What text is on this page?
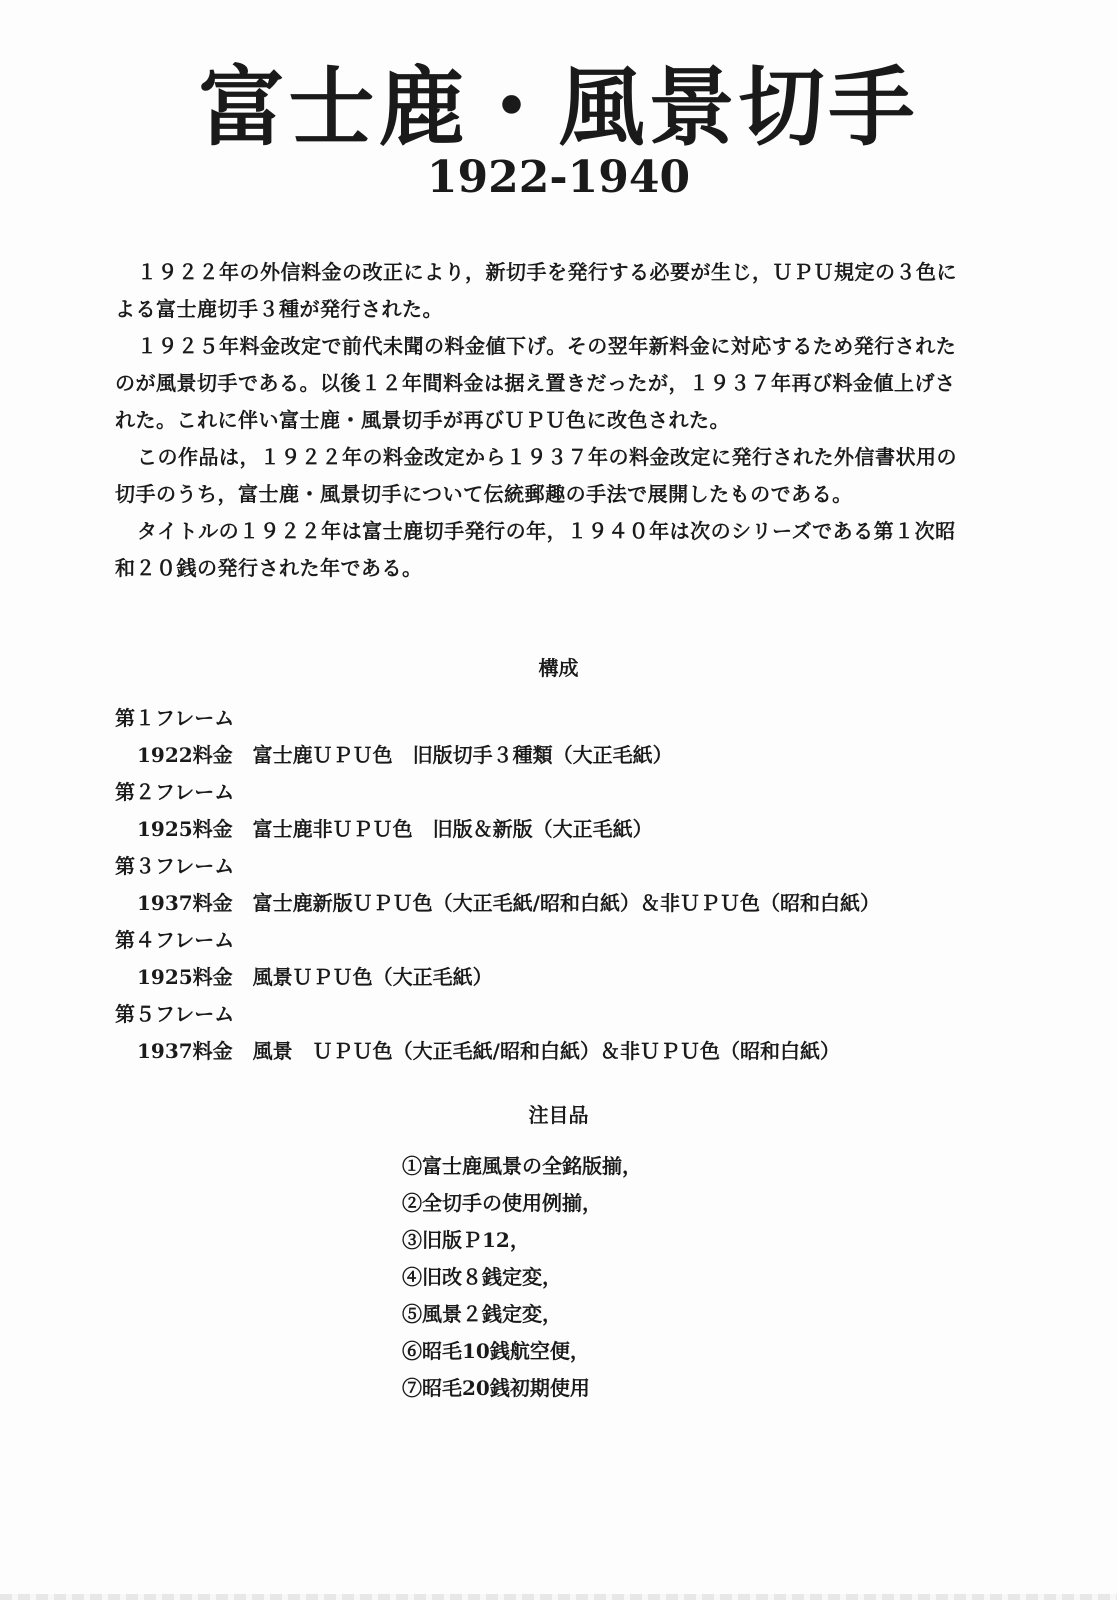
富士鹿・風景切手
1922-1940

１９２２年の外信料金の改正により，新切手を発行する必要が生じ，ＵＰＵ規定の３色による富士鹿切手３種が発行された。

１９２５年料金改定で前代未聞の料金値下げ。その翌年新料金に対応するため発行されたのが風景切手である。以後１２年間料金は据え置きだったが，１９３７年再び料金値上げされた。これに伴い富士鹿・風景切手が再びＵＰＵ色に改色された。

この作品は，１９２２年の料金改定から１９３７年の料金改定に発行された外信書状用の切手のうち，富士鹿・風景切手について伝統郵趣の手法で展開したものである。

タイトルの１９２２年は富士鹿切手発行の年，１９４０年は次のシリーズである第１次昭和２０銭の発行された年である。

構成
第１フレーム
1922料金　富士鹿ＵＰＵ色　旧版切手３種類（大正毛紙）
第２フレーム
1925料金　富士鹿非ＵＰＵ色　旧版＆新版（大正毛紙）
第３フレーム
1937料金　富士鹿新版ＵＰＵ色（大正毛紙/昭和白紙）＆非ＵＰＵ色（昭和白紙）
第４フレーム
1925料金　風景ＵＰＵ色（大正毛紙）
第５フレーム
1937料金　風景　ＵＰＵ色（大正毛紙/昭和白紙）＆非ＵＰＵ色（昭和白紙）
注目品
①富士鹿風景の全銘版揃，
②全切手の使用例揃，
③旧版Ｐ12，
④旧改８銭定変，
⑤風景２銭定変，
⑥昭毛10銭航空便，
⑦昭毛20銭初期使用
